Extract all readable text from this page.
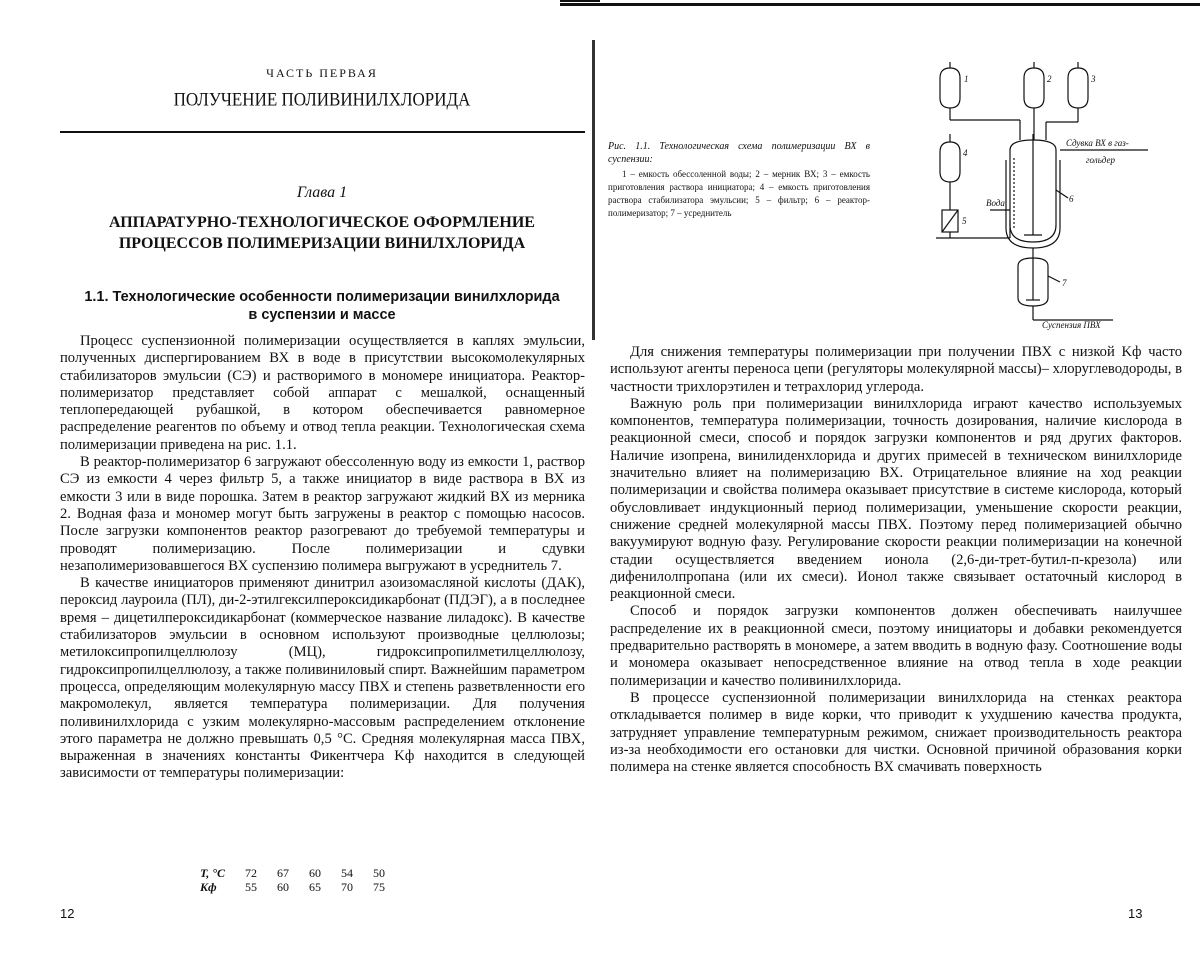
ЧАСТЬ ПЕРВАЯ
ПОЛУЧЕНИЕ ПОЛИВИНИЛХЛОРИДА
Глава 1
АППАРАТУРНО-ТЕХНОЛОГИЧЕСКОЕ ОФОРМЛЕНИЕ
ПРОЦЕССОВ ПОЛИМЕРИЗАЦИИ ВИНИЛХЛОРИДА
1.1. Технологические особенности полимеризации винилхлорида
в суспензии и массе

Процесс суспензионной полимеризации осуществляется в каплях эмульсии, полученных диспергированием ВХ в воде в присутствии высокомолекулярных стабилизаторов эмульсии (СЭ) и растворимого в мономере инициатора. Реактор-полимеризатор представляет собой аппарат с мешалкой, оснащенный теплопередающей рубашкой, в котором обеспечивается равномерное распределение реагентов по объему и отвод тепла реакции. Технологическая схема полимеризации приведена на рис. 1.1.

В реактор-полимеризатор 6 загружают обессоленную воду из емкости 1, раствор СЭ из емкости 4 через фильтр 5, а также инициатор в виде раствора в ВХ из емкости 3 или в виде порошка. Затем в реактор загружают жидкий ВХ из мерника 2. Водная фаза и мономер могут быть загружены в реактор с помощью насосов. После загрузки компонентов реактор разогревают до требуемой температуры и проводят полимеризацию. После полимеризации и сдувки незаполимеризовавшегося ВХ суспензию полимера выгружают в усреднитель 7.

В качестве инициаторов применяют динитрил азоизомасляной кислоты (ДАК), пероксид лауроила (ПЛ), ди-2-этилгексилпероксидикарбонат (ПДЭГ), а в последнее время – дицетилпероксидикарбонат (коммерческое название лиладокс). В качестве стабилизаторов эмульсии в основном используют производные целлюлозы; метилоксипропилцеллюлозу (МЦ), гидроксипропилметилцеллюлозу, гидроксипропилцеллюлозу, а также поливиниловый спирт. Важнейшим параметром процесса, определяющим молекулярную массу ПВХ и степень разветвленности его макромолекул, является температура полимеризации. Для получения поливинилхлорида с узким молекулярно-массовым распределением отклонение этого параметра не должно превышать 0,5 °С. Средняя молекулярная масса ПВХ, выраженная в значениях константы Фикентчера Kф находится в следующей зависимости от температуры полимеризации:

T, °C	72	67	60	54	50
Kф	55	60	65	70	75
12
Рис. 1.1. Технологическая схема полимеризации ВХ в суспензии:
1 – емкость обессоленной воды; 2 – мерник ВХ; 3 – емкость приготовления раствора инициатора; 4 – емкость приготовления раствора стабилизатора эмульсии; 5 – фильтр; 6 – реактор-полимеризатор; 7 – усреднитель
1	2	3
4
5
6
7
Сдувка ВХ в газ-
гольдер
Вода
Суспензия ПВХ

Для снижения температуры полимеризации при получении ПВХ с низкой Kф часто используют агенты переноса цепи (регуляторы молекулярной массы)– хлоруглеводороды, в частности трихлорэтилен и тетрахлорид углерода.

Важную роль при полимеризации винилхлорида играют качество используемых компонентов, температура полимеризации, точность дозирования, наличие кислорода в реакционной смеси, способ и порядок загрузки компонентов и ряд других факторов. Наличие изопрена, винилиденхлорида и других примесей в техническом винилхлориде значительно влияет на полимеризацию ВХ. Отрицательное влияние на ход реакции полимеризации и свойства полимера оказывает присутствие в системе кислорода, который обусловливает индукционный период полимеризации, уменьшение скорости реакции, снижение средней молекулярной массы ПВХ. Поэтому перед полимеризацией обычно вакуумируют водную фазу. Регулирование скорости реакции полимеризации на конечной стадии осуществляется введением ионола (2,6-ди-трет-бутил-п-крезола) или дифенилолпропана (или их смеси). Ионол также связывает остаточный кислород в реакционной смеси.

Способ и порядок загрузки компонентов должен обеспечивать наилучшее распределение их в реакционной смеси, поэтому инициаторы и добавки рекомендуется предварительно растворять в мономере, а затем вводить в водную фазу. Соотношение воды и мономера оказывает непосредственное влияние на отвод тепла в ходе реакции полимеризации и качество поливинилхлорида.

В процессе суспензионной полимеризации винилхлорида на стенках реактора откладывается полимер в виде корки, что приводит к ухудшению качества продукта, затрудняет управление температурным режимом, снижает производительность реактора из-за необходимости его остановки для чистки. Основной причиной образования корки полимера на стенке является способность ВХ смачивать поверхность

13
